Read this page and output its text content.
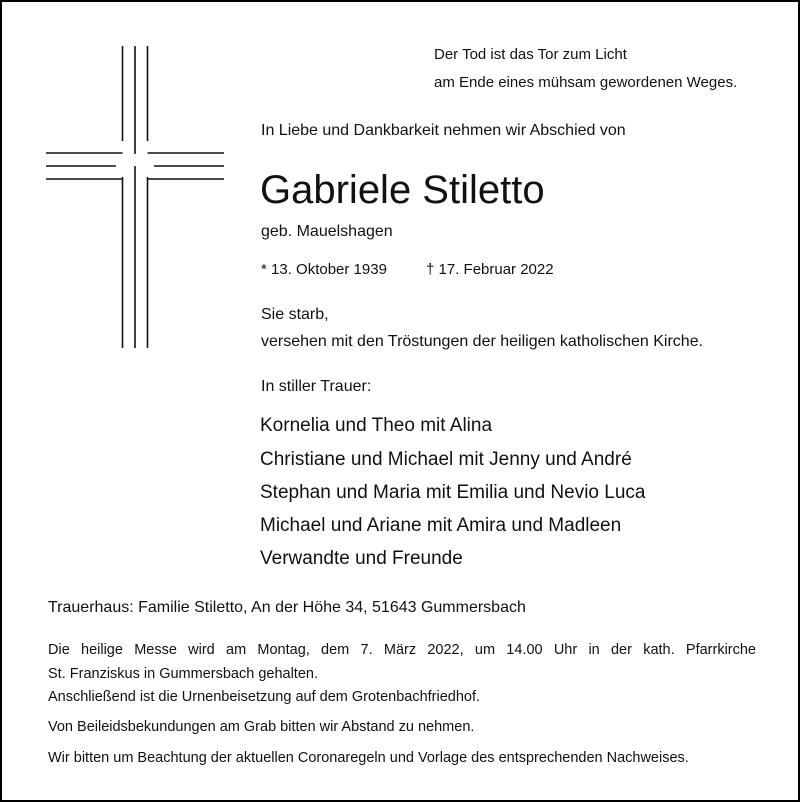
Der Tod ist das Tor zum Licht

am Ende eines mühsam gewordenen Weges.

In Liebe und Dankbarkeit nehmen wir Abschied von

Gabriele Stiletto

geb. Mauelshagen

* 13. Oktober 1939	† 17. Februar 2022

Sie starb,

versehen mit den Tröstungen der heiligen katholischen Kirche.

In stiller Trauer:

Kornelia und Theo mit Alina

Christiane und Michael mit Jenny und André

Stephan und Maria mit Emilia und Nevio Luca

Michael und Ariane mit Amira und Madleen

Verwandte und Freunde

Trauerhaus: Familie Stiletto, An der Höhe 34, 51643 Gummersbach

Die heilige Messe wird am Montag, dem 7. März 2022, um 14.00 Uhr in der kath. Pfarrkirche

St. Franziskus in Gummersbach gehalten.

Anschließend ist die Urnenbeisetzung auf dem Grotenbachfriedhof.

Von Beileidsbekundungen am Grab bitten wir Abstand zu nehmen.

Wir bitten um Beachtung der aktuellen Coronaregeln und Vorlage des entsprechenden Nachweises.
